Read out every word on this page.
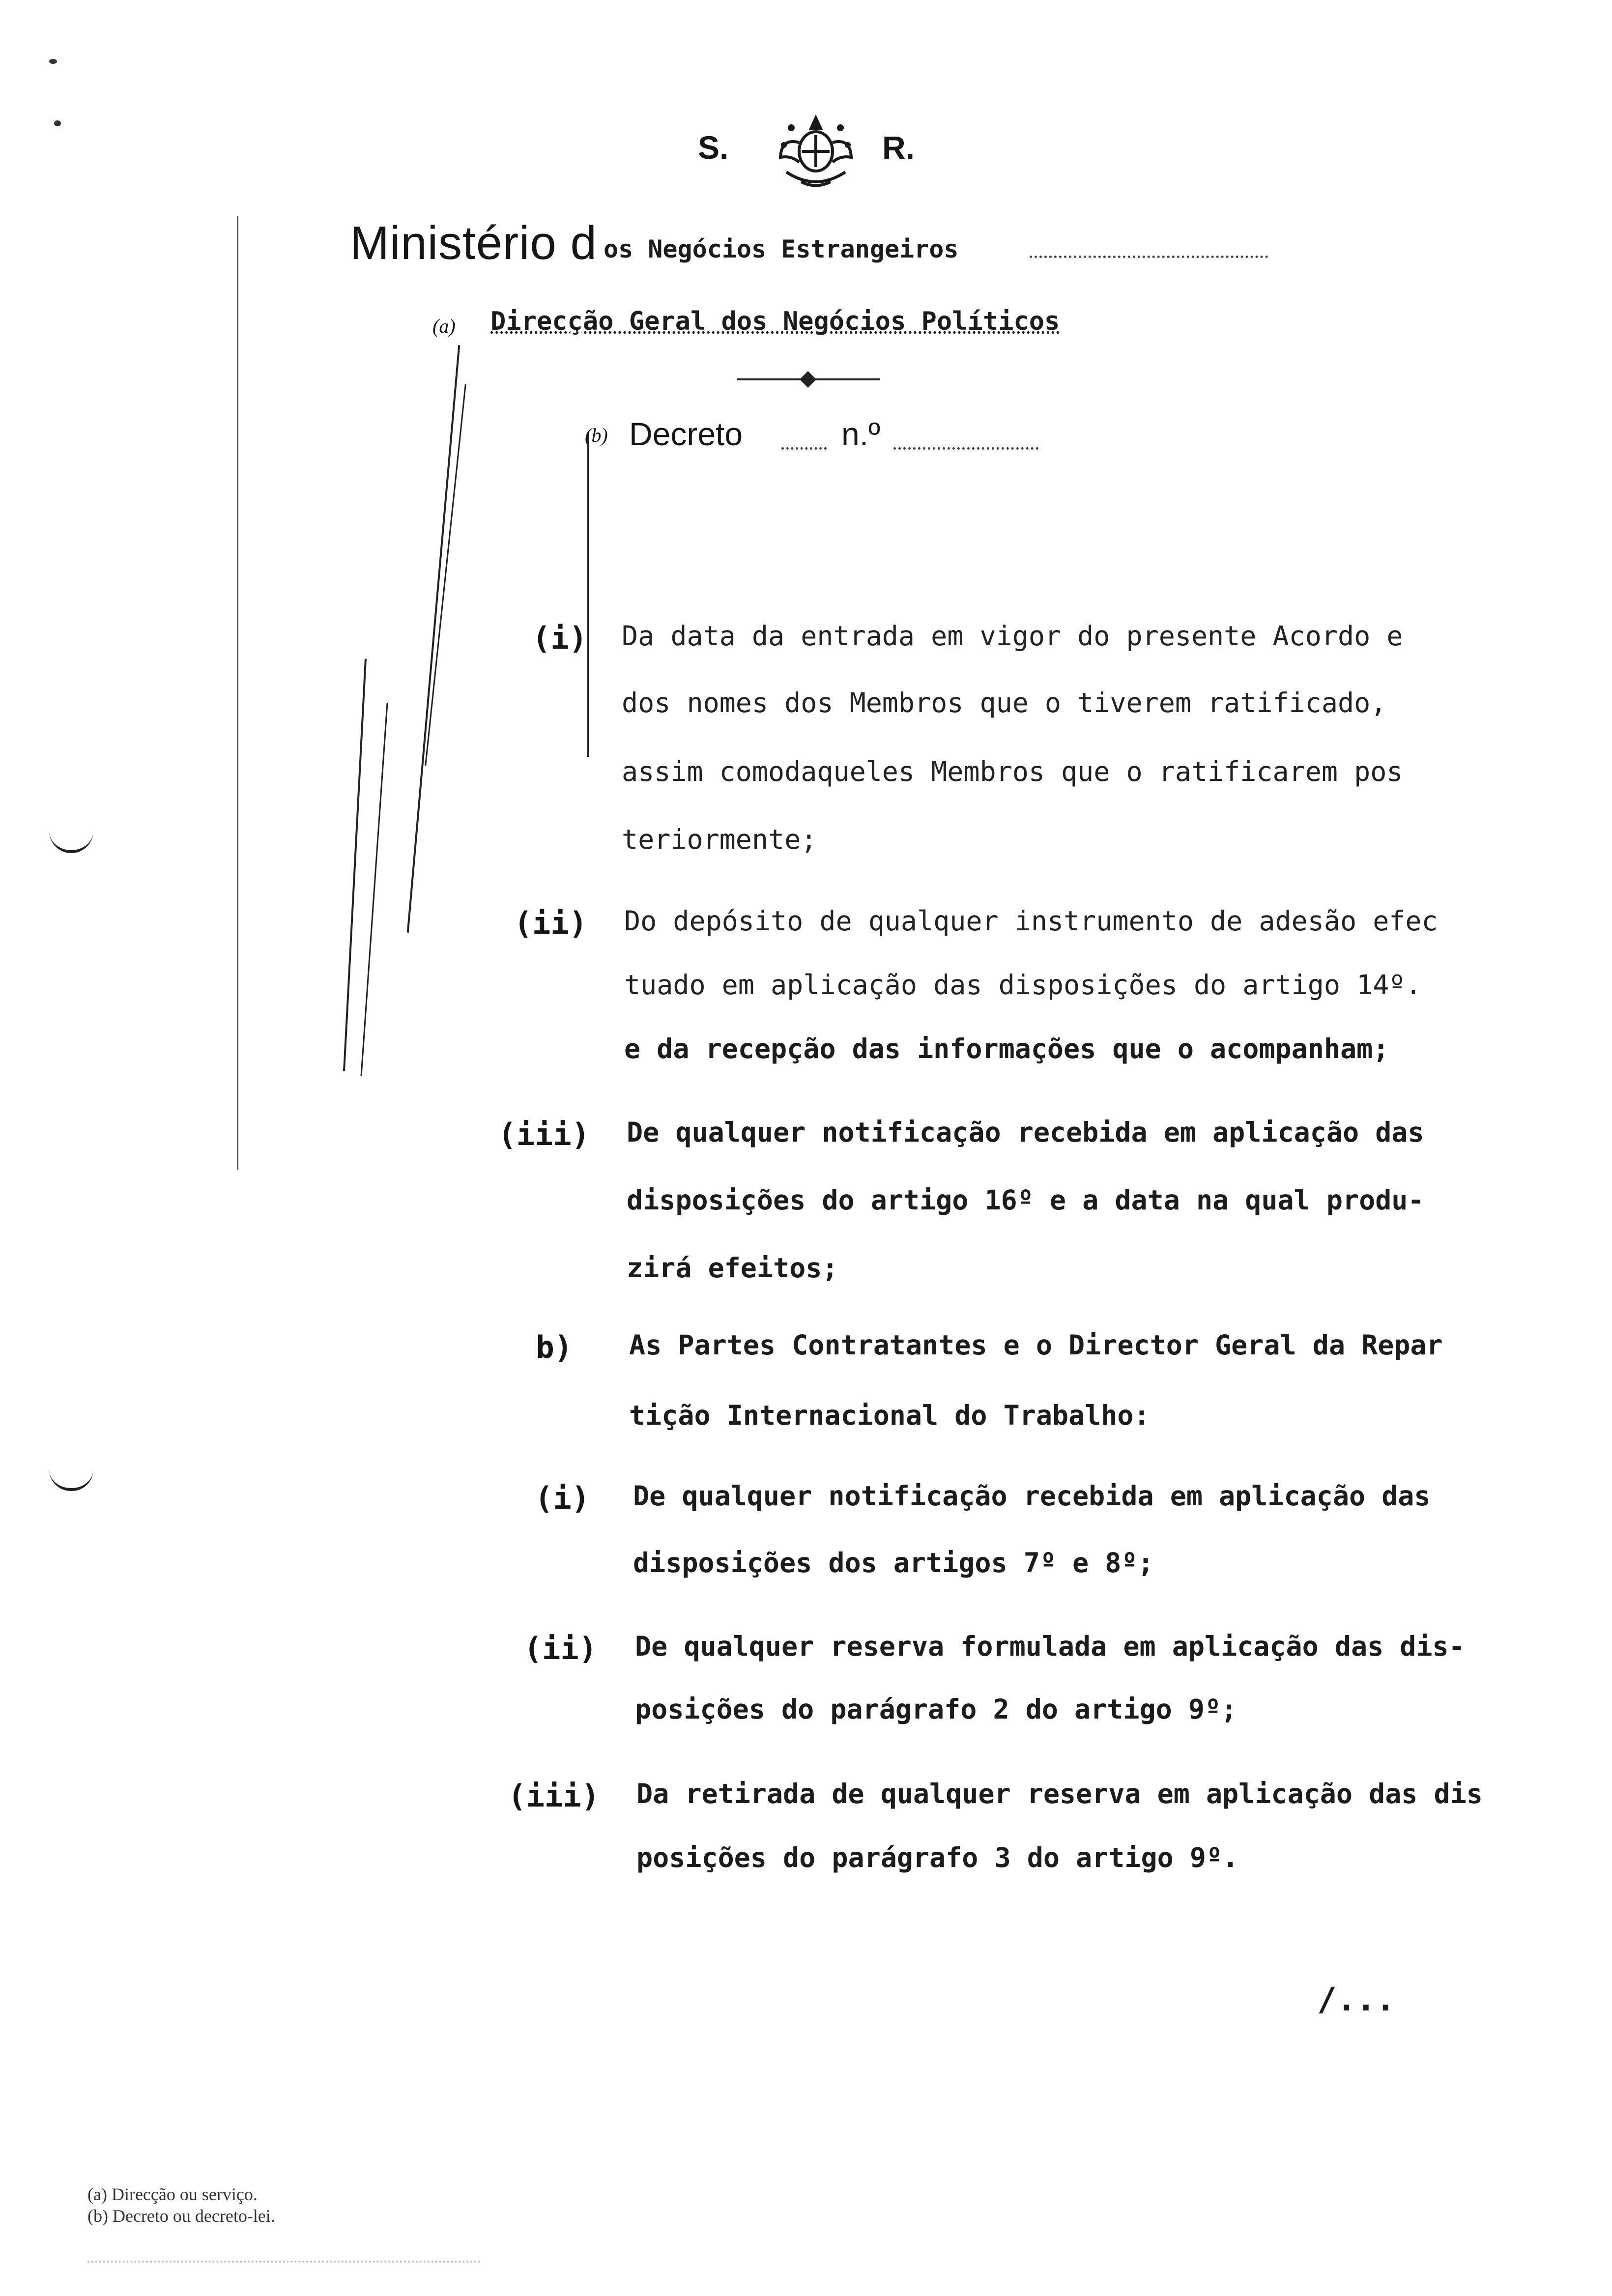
S.	R.
Ministério d os Negócios Estrangeiros
(a) Direcção Geral dos Negócios Políticos
(b) Decreto	n.º
(i) Da data da entrada em vigor do presente Acordo e
dos nomes dos Membros que o tiverem ratificado,
assim comodaqueles Membros que o ratificarem pos
teriormente;
(ii) Do depósito de qualquer instrumento de adesão efec
tuado em aplicação das disposições do artigo 14º.
e da recepção das informações que o acompanham;
(iii) De qualquer notificação recebida em aplicação das
disposições do artigo 16º e a data na qual produ-
zirá efeitos;
b) As Partes Contratantes e o Director Geral da Repar
tição Internacional do Trabalho:
(i) De qualquer notificação recebida em aplicação das
disposições dos artigos 7º e 8º;
(ii) De qualquer reserva formulada em aplicação das dis-
posições do parágrafo 2 do artigo 9º;
(iii) Da retirada de qualquer reserva em aplicação das dis
posições do parágrafo 3 do artigo 9º.
/...
(a) Direcção ou serviço.
(b) Decreto ou decreto-lei.
